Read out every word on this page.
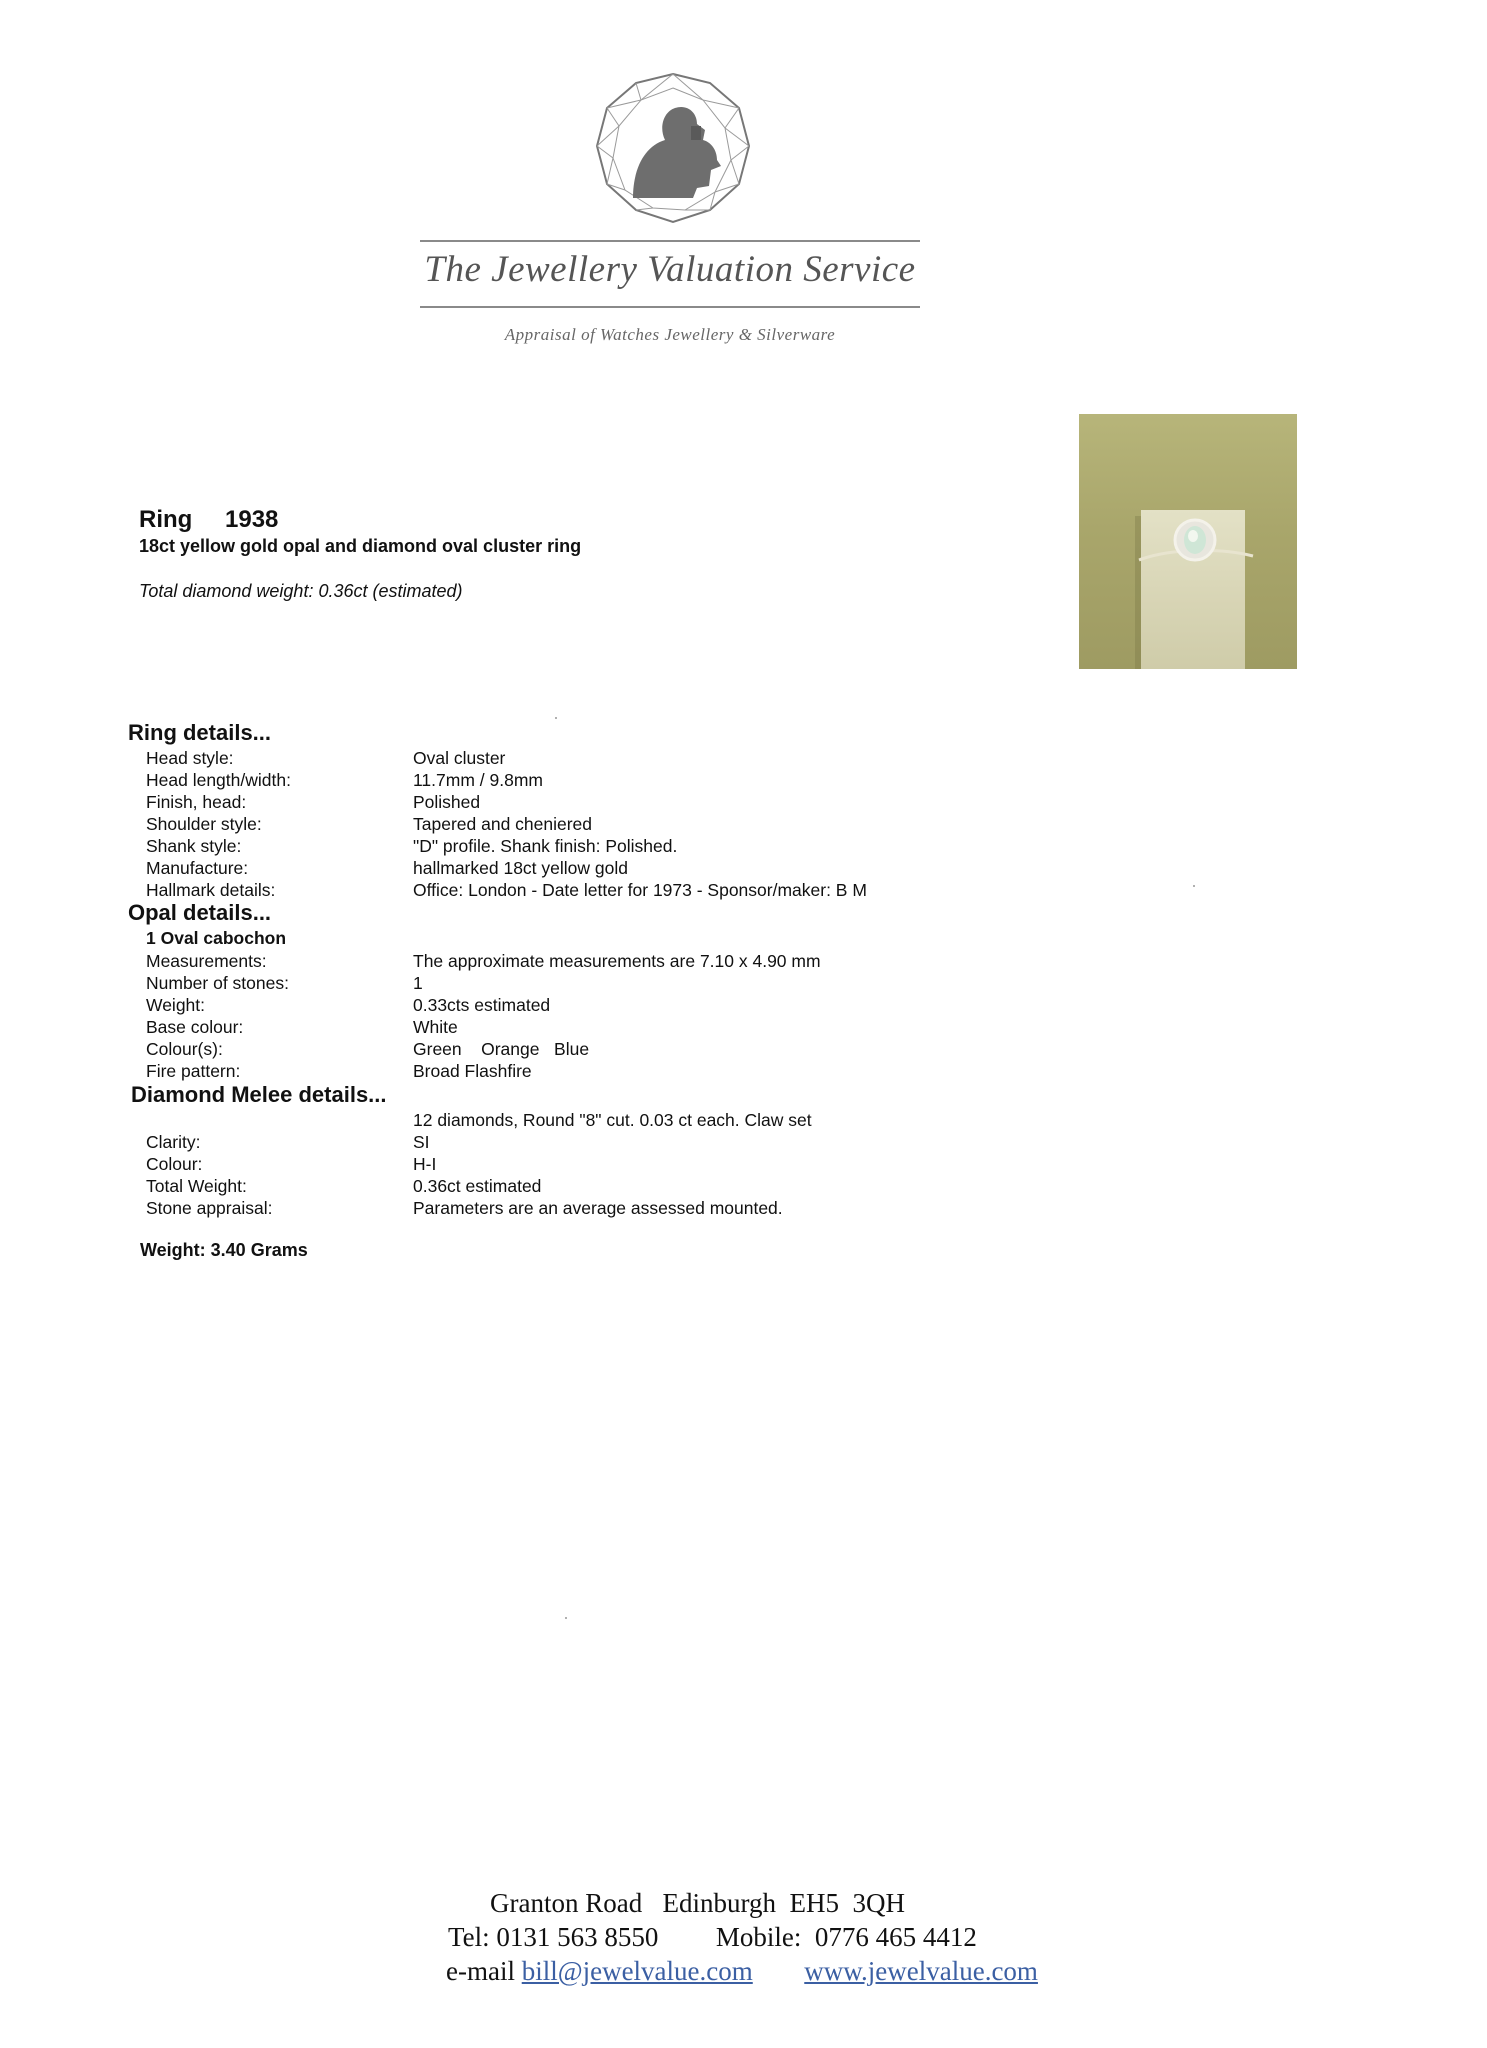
The Jewellery Valuation Service
Appraisal of Watches Jewellery & Silverware
Ring 1938
18ct yellow gold opal and diamond oval cluster ring
Total diamond weight: 0.36ct (estimated)
Ring details...
Head style:	Oval cluster
Head length/width:	11.7mm / 9.8mm
Finish, head:	Polished
Shoulder style:	Tapered and cheniered
Shank style:	"D" profile. Shank finish: Polished.
Manufacture:	hallmarked 18ct yellow gold
Hallmark details:	Office: London - Date letter for 1973 - Sponsor/maker: B M
Opal details...
1 Oval cabochon
Measurements:	The approximate measurements are 7.10 x 4.90 mm
Number of stones:	1
Weight:	0.33cts estimated
Base colour:	White
Colour(s):	Green    Orange   Blue
Fire pattern:	Broad Flashfire
Diamond Melee details...
12 diamonds, Round "8" cut. 0.03 ct each. Claw set
Clarity:	SI
Colour:	H-I
Total Weight:	0.36ct estimated
Stone appraisal:	Parameters are an average assessed mounted.
Weight: 3.40 Grams
Granton Road   Edinburgh  EH5  3QH
Tel: 0131 563 8550 Mobile:  0776 465 4412
e-mail bill@jewelvalue.com www.jewelvalue.com
